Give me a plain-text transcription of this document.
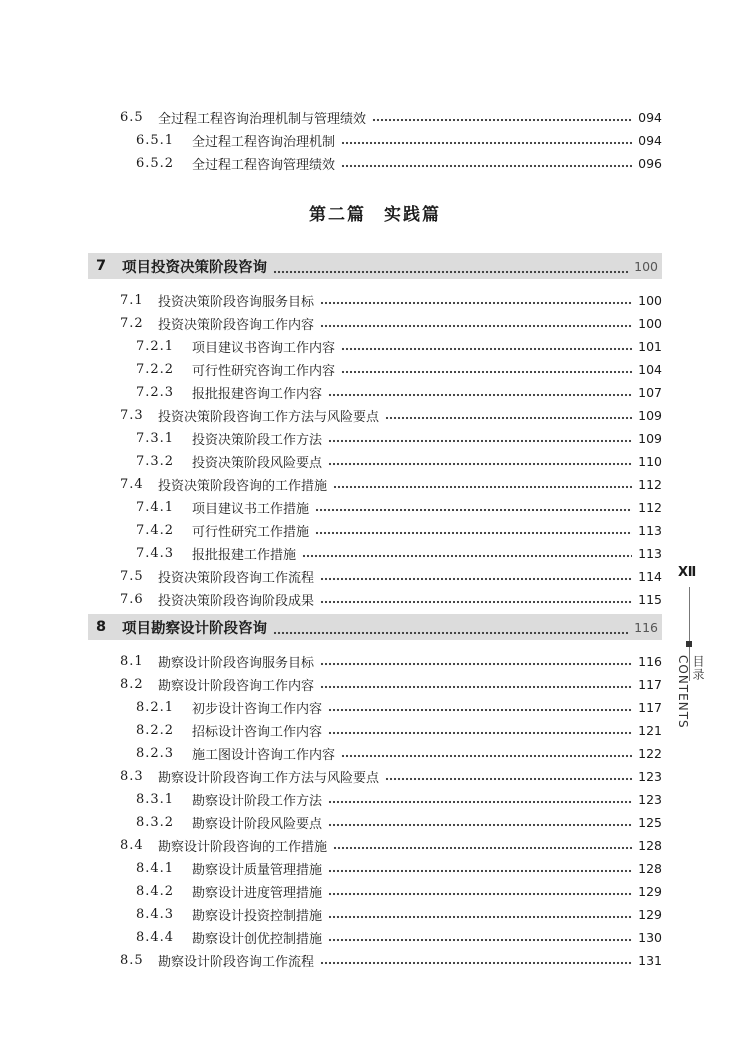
6.5	全过程工程咨询治理机制与管理绩效	094
6.5.1	全过程工程咨询治理机制	094
6.5.2	全过程工程咨询管理绩效	096
7	项目投资决策阶段咨询	100
7.1	投资决策阶段咨询服务目标	100
7.2	投资决策阶段咨询工作内容	100
7.2.1	项目建议书咨询工作内容	101
7.2.2	可行性研究咨询工作内容	104
7.2.3	报批报建咨询工作内容	107
7.3	投资决策阶段咨询工作方法与风险要点	109
7.3.1	投资决策阶段工作方法	109
7.3.2	投资决策阶段风险要点	110
7.4	投资决策阶段咨询的工作措施	112
7.4.1	项目建议书工作措施	112
7.4.2	可行性研究工作措施	113
7.4.3	报批报建工作措施	113
7.5	投资决策阶段咨询工作流程	114
7.6	投资决策阶段咨询阶段成果	115
8	项目勘察设计阶段咨询	116
8.1	勘察设计阶段咨询服务目标	116
8.2	勘察设计阶段咨询工作内容	117
8.2.1	初步设计咨询工作内容	117
8.2.2	招标设计咨询工作内容	121
8.2.3	施工图设计咨询工作内容	122
8.3	勘察设计阶段咨询工作方法与风险要点	123
8.3.1	勘察设计阶段工作方法	123
8.3.2	勘察设计阶段风险要点	125
8.4	勘察设计阶段咨询的工作措施	128
8.4.1	勘察设计质量管理措施	128
8.4.2	勘察设计进度管理措施	129
8.4.3	勘察设计投资控制措施	129
8.4.4	勘察设计创优控制措施	130
8.5	勘察设计阶段咨询工作流程	131
第二篇 实践篇
Ⅻ
目录 CONTENTS
